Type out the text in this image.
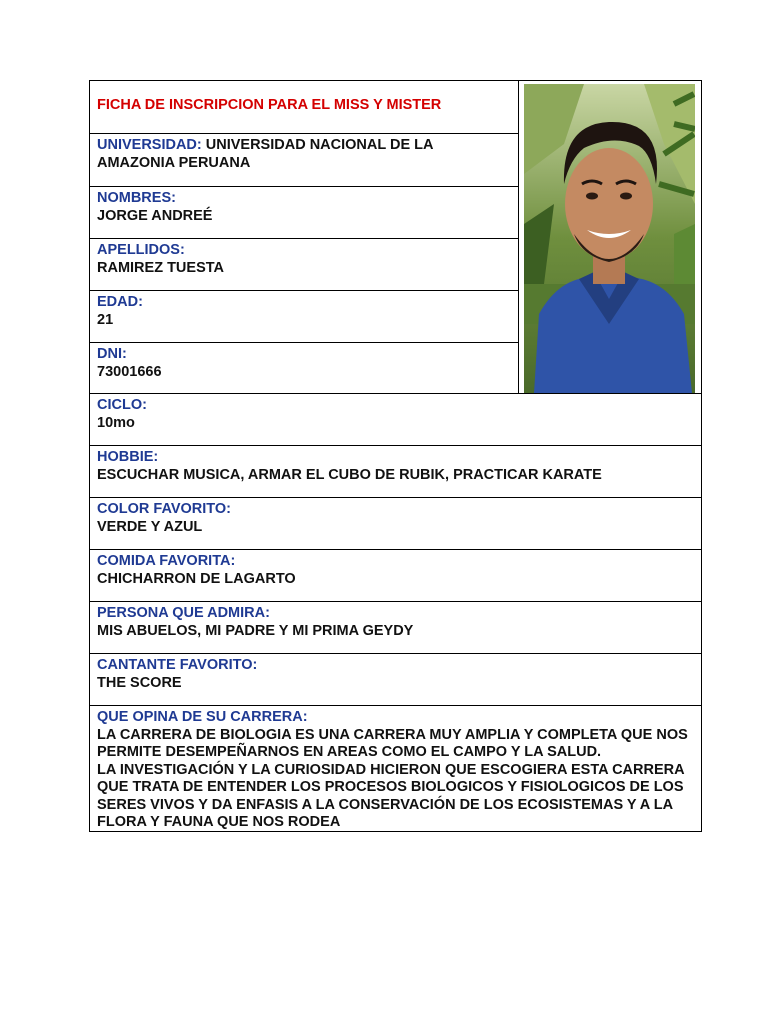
FICHA DE INSCRIPCION PARA EL MISS Y MISTER
UNIVERSIDAD: UNIVERSIDAD NACIONAL DE LA AMAZONIA PERUANA
NOMBRES:
JORGE ANDREÉ
APELLIDOS:
RAMIREZ TUESTA
EDAD:
21
DNI:
73001666
CICLO:
10mo
HOBBIE:
ESCUCHAR MUSICA, ARMAR EL CUBO DE RUBIK, PRACTICAR KARATE
COLOR FAVORITO:
VERDE Y AZUL
COMIDA FAVORITA:
CHICHARRON DE LAGARTO
PERSONA QUE ADMIRA:
MIS ABUELOS, MI PADRE Y MI PRIMA GEYDY
CANTANTE FAVORITO:
THE SCORE
QUE OPINA DE SU CARRERA:
LA CARRERA DE BIOLOGIA ES UNA CARRERA MUY AMPLIA Y COMPLETA QUE NOS PERMITE DESEMPEÑARNOS EN AREAS COMO EL CAMPO Y LA SALUD.
LA INVESTIGACIÓN Y LA CURIOSIDAD HICIERON QUE ESCOGIERA ESTA CARRERA QUE TRATA DE ENTENDER LOS PROCESOS BIOLOGICOS Y FISIOLOGICOS DE LOS SERES VIVOS Y DA ENFASIS A LA CONSERVACIÓN DE LOS ECOSISTEMAS Y A LA FLORA Y FAUNA QUE NOS RODEA
